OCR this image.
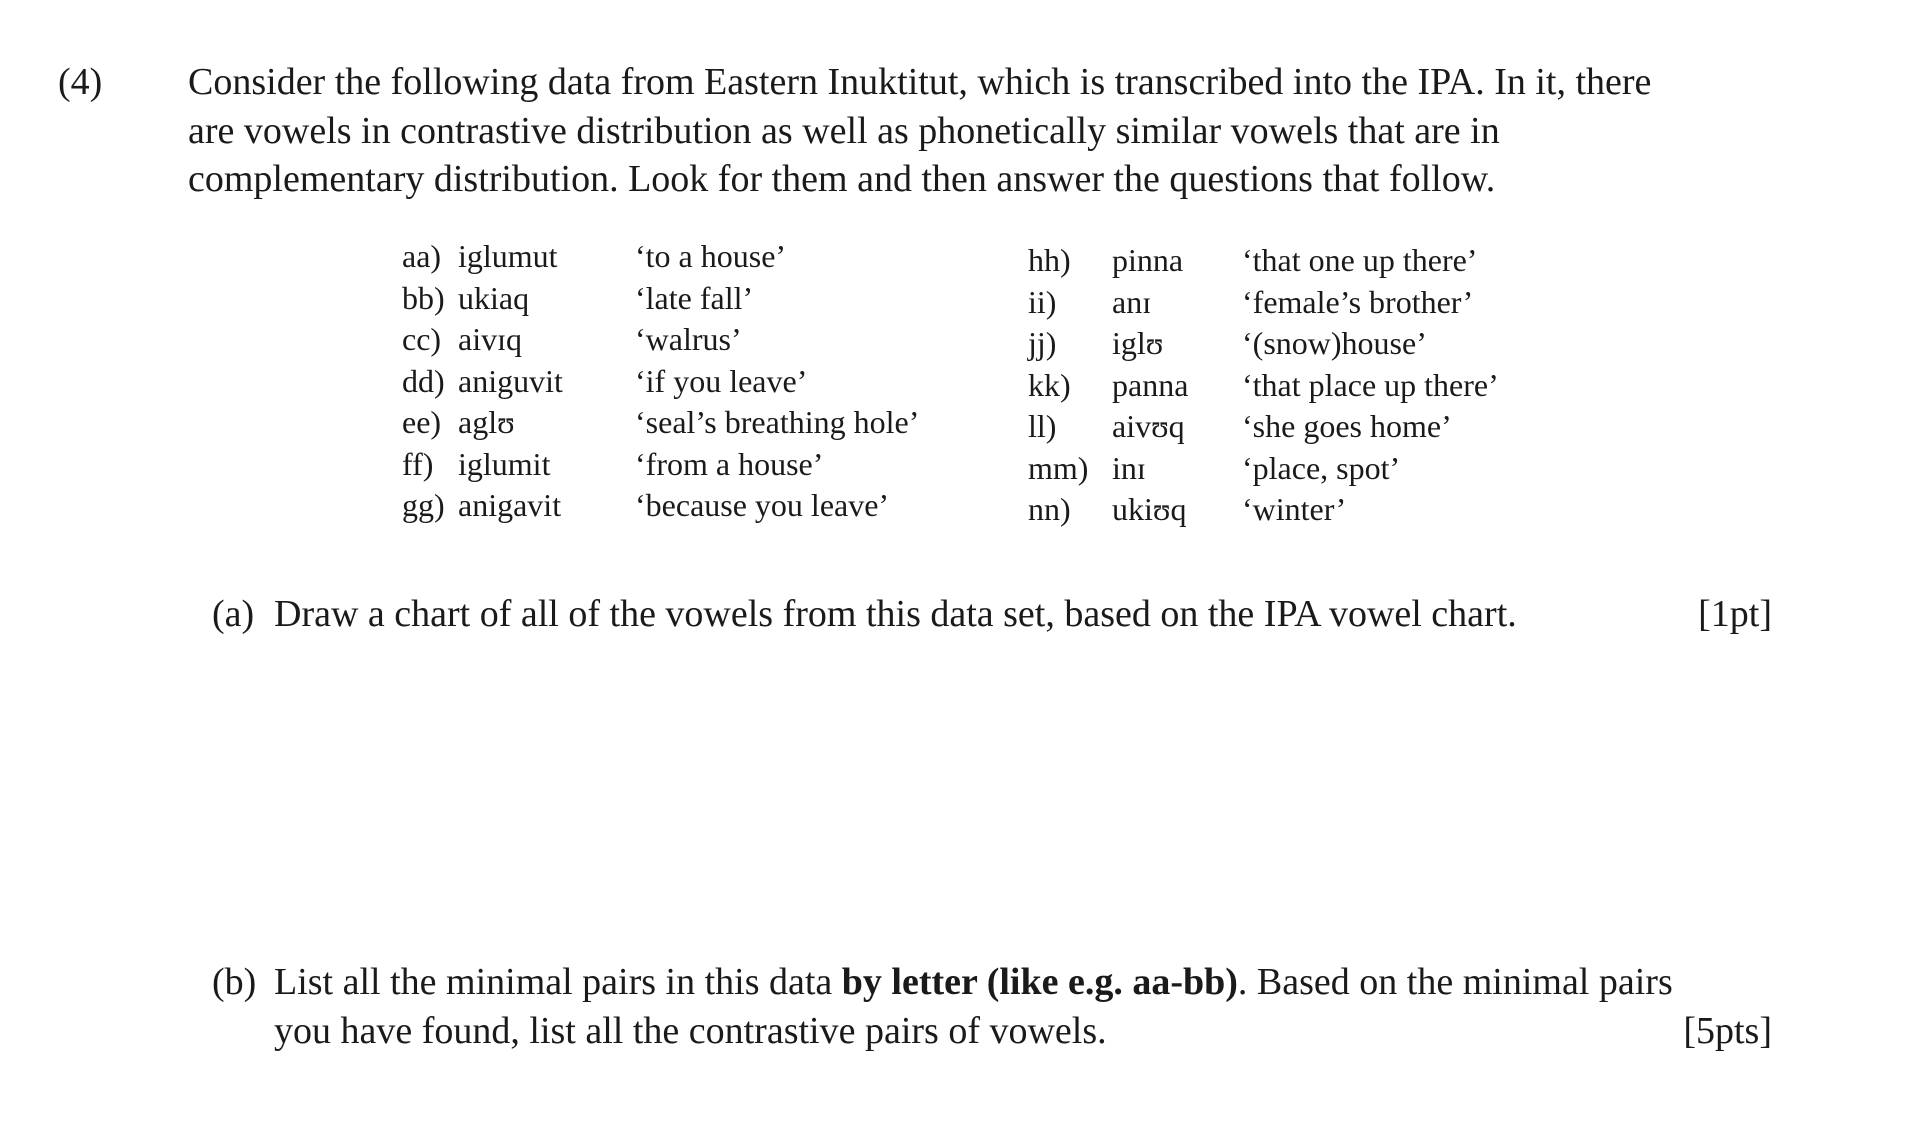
(4) Consider the following data from Eastern Inuktitut, which is transcribed into the IPA. In it, there

are vowels in contrastive distribution as well as phonetically similar vowels that are in

complementary distribution. Look for them and then answer the questions that follow.

aa) iglumut	‘to a house’
bb) ukiaq	‘late fall’
cc) aivɪq	‘walrus’
dd) aniguvit	‘if you leave’
ee) aglʊ	‘seal’s breathing hole’
ff) iglumit	‘from a house’
gg) anigavit	‘because you leave’
hh)	pinna	‘that one up there’
ii)	anɪ	‘female’s brother’
jj)	iglʊ	‘(snow)house’
kk)	panna	‘that place up there’
ll)	aivʊq	‘she goes home’
mm) inɪ	‘place, spot’
nn)	ukiʊq	‘winter’
(a) Draw a chart of all of the vowels from this data set, based on the IPA vowel chart.	[1pt]
(b) List all the minimal pairs in this data by letter (like e.g. aa-bb). Based on the minimal pairs
you have found, list all the contrastive pairs of vowels.	[5pts]
